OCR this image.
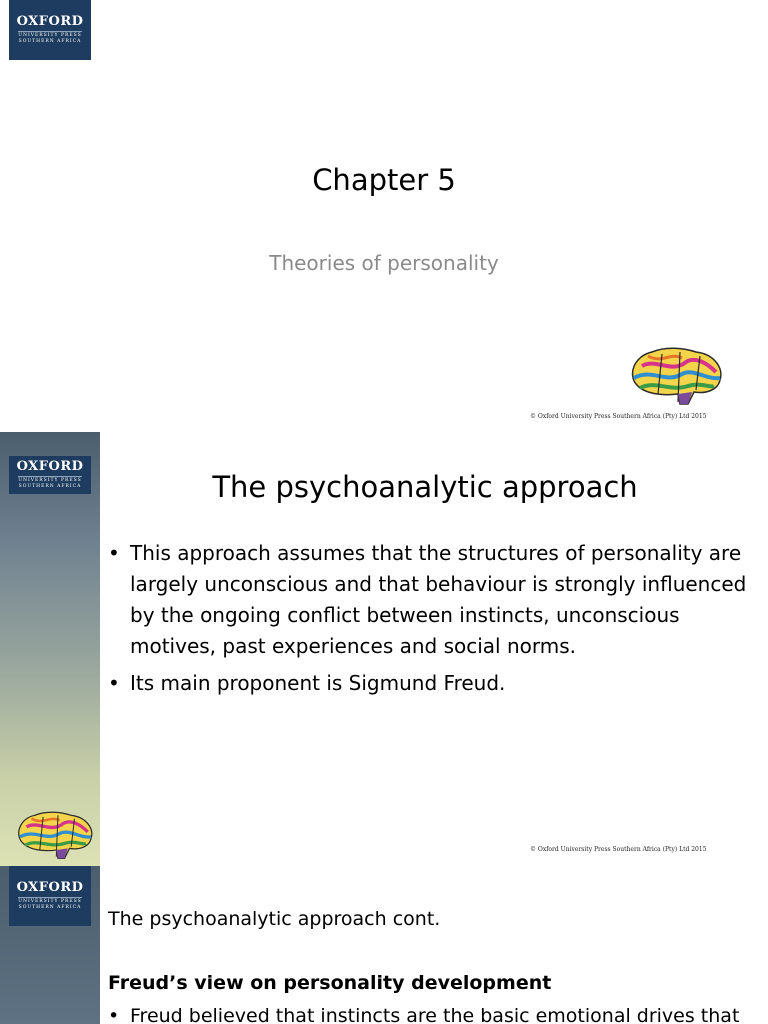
OXFORD
UNIVERSITY PRESS
SOUTHERN AFRICA
Chapter 5
Theories of personality
© Oxford University Press Southern Africa (Pty) Ltd 2015
OXFORD
UNIVERSITY PRESS
SOUTHERN AFRICA	The psychoanalytic approach
• This approach assumes that the structures of personality are largely unconscious and that behaviour is strongly influenced by the ongoing conflict between instincts, unconscious motives, past experiences and social norms.
• Its main proponent is Sigmund Freud.
© Oxford University Press Southern Africa (Pty) Ltd 2015
OXFORD
UNIVERSITY PRESS
SOUTHERN AFRICA
The psychoanalytic approach cont.
Freud’s view on personality development
• Freud believed that instincts are the basic emotional drives that
